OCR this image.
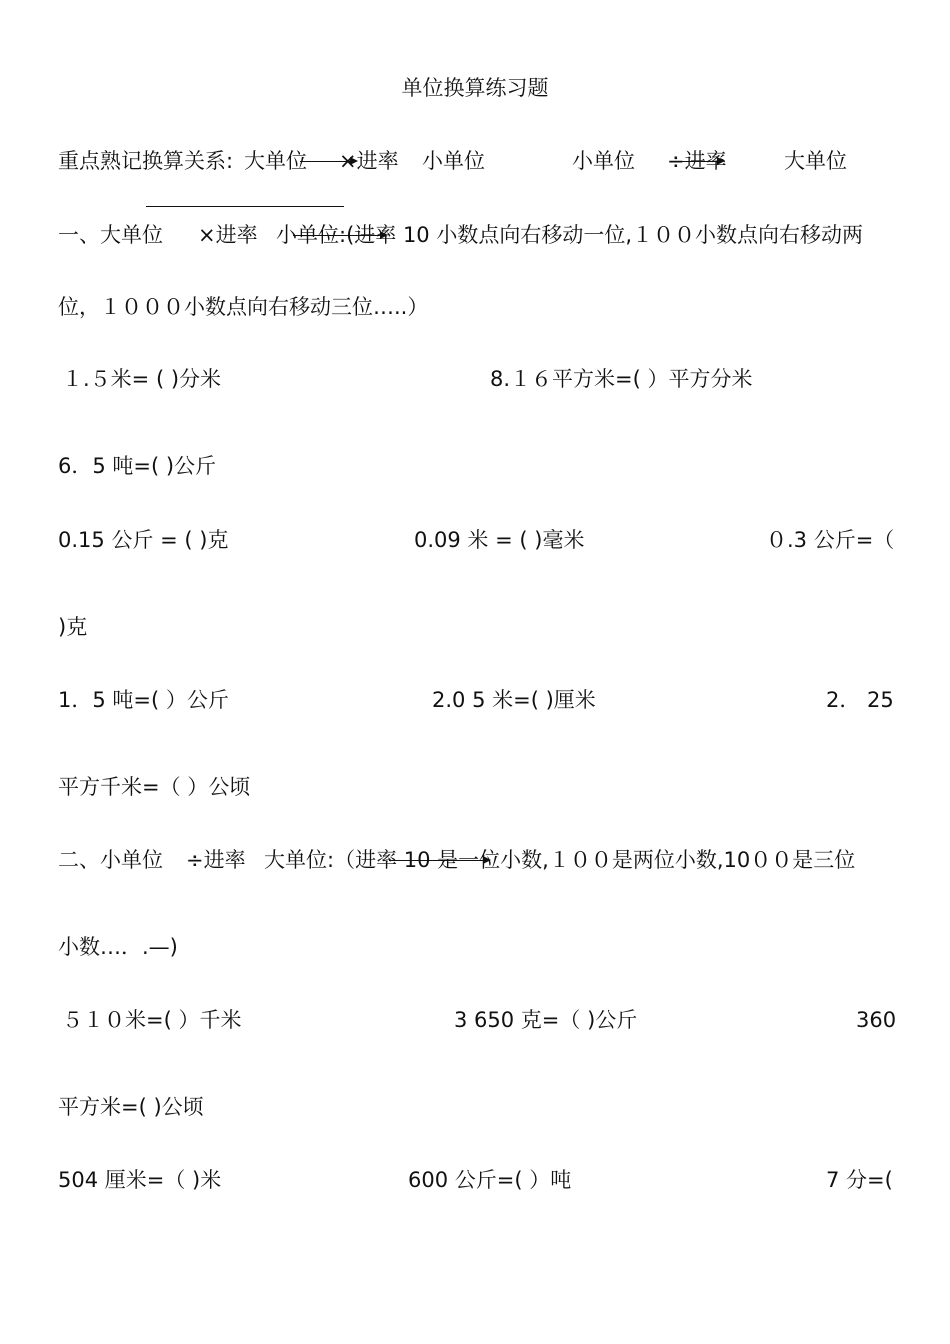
单位换算练习题
重点熟记换算关系: 大单位
×进率 小单位	小单位
÷进率	大单位
一、大单位
×进率 小单位:(进率 10 小数点向右移动一位,１００小数点向右移动两
位，１０００小数点向右移动三位…..）
１.５米= ( )分米	8.１６平方米=( ）平方分米
6．5 吨=( )公斤
0.15 公斤 = ( )克	0.09 米 = ( )毫米	０.3 公斤=（
)克
1．5 吨=( ）公斤	2.0 5 米=( )厘米	2． 25
平方千米=（ ）公顷
二、小单位 ÷进率 大单位:（进率 10 是一位小数,１００是两位小数,10００是三位
小数…．.—)
５１０米=( ）千米	3 650 克=（ )公斤	360
平方米=( )公顷
504 厘米=（ )米	600 公斤=( ）吨	7 分=(
